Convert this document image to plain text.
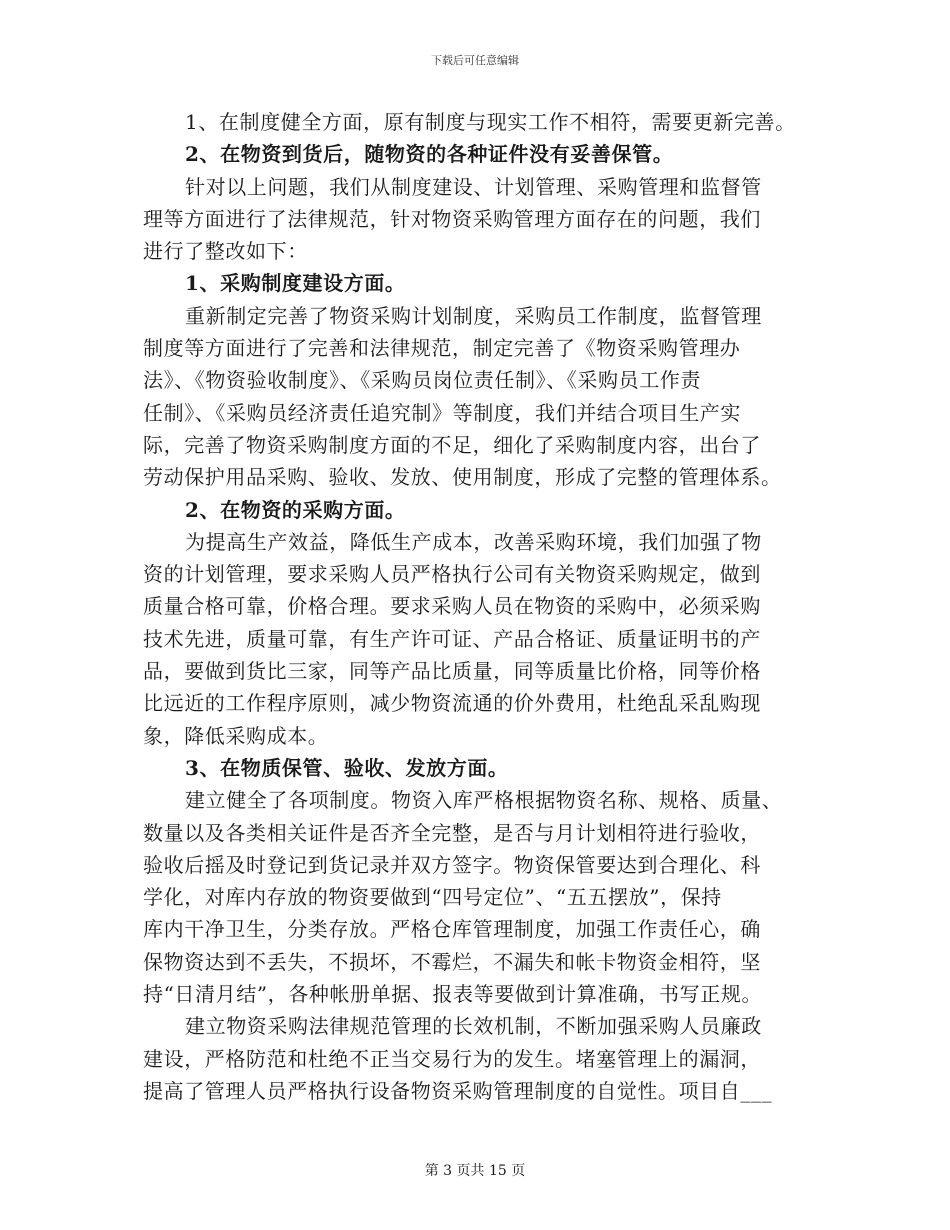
下载后可任意编辑
1、在制度健全方面，原有制度与现实工作不相符，需要更新完善。
2、在物资到货后，随物资的各种证件没有妥善保管。
针对以上问题，我们从制度建设、计划管理、采购管理和监督管
理等方面进行了法律规范，针对物资采购管理方面存在的问题，我们
进行了整改如下：
1、采购制度建设方面。
重新制定完善了物资采购计划制度，采购员工作制度，监督管理
制度等方面进行了完善和法律规范，制定完善了《物资采购管理办
法》、《物资验收制度》、《采购员岗位责任制》、《采购员工作责
任制》、《采购员经济责任追究制》等制度，我们并结合项目生产实
际，完善了物资采购制度方面的不足，细化了采购制度内容，出台了
劳动保护用品采购、验收、发放、使用制度，形成了完整的管理体系。
2、在物资的采购方面。
为提高生产效益，降低生产成本，改善采购环境，我们加强了物
资的计划管理，要求采购人员严格执行公司有关物资采购规定，做到
质量合格可靠，价格合理。要求采购人员在物资的采购中，必须采购
技术先进，质量可靠，有生产许可证、产品合格证、质量证明书的产
品，要做到货比三家，同等产品比质量，同等质量比价格，同等价格
比远近的工作程序原则，减少物资流通的价外费用，杜绝乱采乱购现
象，降低采购成本。
3、在物质保管、验收、发放方面。
建立健全了各项制度。物资入库严格根据物资名称、规格、质量、
数量以及各类相关证件是否齐全完整，是否与月计划相符进行验收，
验收后摇及时登记到货记录并双方签字。物资保管要达到合理化、科
学化，对库内存放的物资要做到“四号定位”、“五五摆放”，保持
库内干净卫生，分类存放。严格仓库管理制度，加强工作责任心，确
保物资达到不丢失，不损坏，不霉烂，不漏失和帐卡物资金相符，坚
持“日清月结”，各种帐册单据、报表等要做到计算准确，书写正规。
建立物资采购法律规范管理的长效机制，不断加强采购人员廉政
建设，严格防范和杜绝不正当交易行为的发生。堵塞管理上的漏洞，
提高了管理人员严格执行设备物资采购管理制度的自觉性。项目自___
第 3 页共 15 页
